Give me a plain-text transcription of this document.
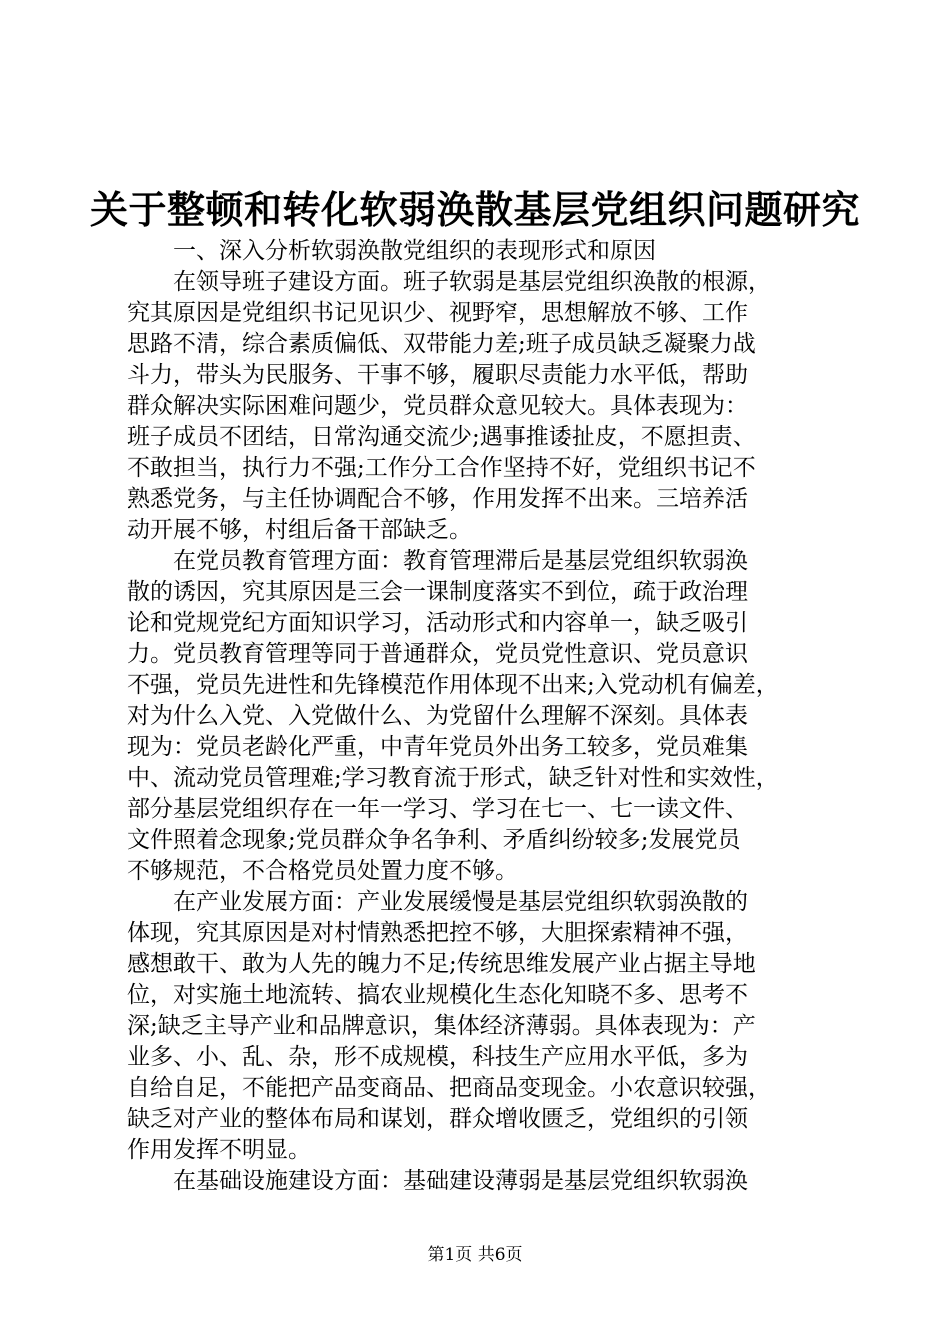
关于整顿和转化软弱涣散基层党组织问题研究
一、深入分析软弱涣散党组织的表现形式和原因
在领导班子建设方面。班子软弱是基层党组织涣散的根源，
究其原因是党组织书记见识少、视野窄，思想解放不够、工作
思路不清，综合素质偏低、双带能力差;班子成员缺乏凝聚力战
斗力，带头为民服务、干事不够，履职尽责能力水平低，帮助
群众解决实际困难问题少，党员群众意见较大。具体表现为：
班子成员不团结，日常沟通交流少;遇事推诿扯皮，不愿担责、
不敢担当，执行力不强;工作分工合作坚持不好，党组织书记不
熟悉党务，与主任协调配合不够，作用发挥不出来。三培养活
动开展不够，村组后备干部缺乏。
在党员教育管理方面：教育管理滞后是基层党组织软弱涣
散的诱因，究其原因是三会一课制度落实不到位，疏于政治理
论和党规党纪方面知识学习，活动形式和内容单一，缺乏吸引
力。党员教育管理等同于普通群众，党员党性意识、党员意识
不强，党员先进性和先锋模范作用体现不出来;入党动机有偏差，
对为什么入党、入党做什么、为党留什么理解不深刻。具体表
现为：党员老龄化严重，中青年党员外出务工较多，党员难集
中、流动党员管理难;学习教育流于形式，缺乏针对性和实效性，
部分基层党组织存在一年一学习、学习在七一、七一读文件、
文件照着念现象;党员群众争名争利、矛盾纠纷较多;发展党员
不够规范，不合格党员处置力度不够。
在产业发展方面：产业发展缓慢是基层党组织软弱涣散的
体现，究其原因是对村情熟悉把控不够，大胆探索精神不强，
感想敢干、敢为人先的魄力不足;传统思维发展产业占据主导地
位，对实施土地流转、搞农业规模化生态化知晓不多、思考不
深;缺乏主导产业和品牌意识，集体经济薄弱。具体表现为：产
业多、小、乱、杂，形不成规模，科技生产应用水平低，多为
自给自足，不能把产品变商品、把商品变现金。小农意识较强，
缺乏对产业的整体布局和谋划，群众增收匮乏，党组织的引领
作用发挥不明显。
在基础设施建设方面：基础建设薄弱是基层党组织软弱涣
第1页 共6页
